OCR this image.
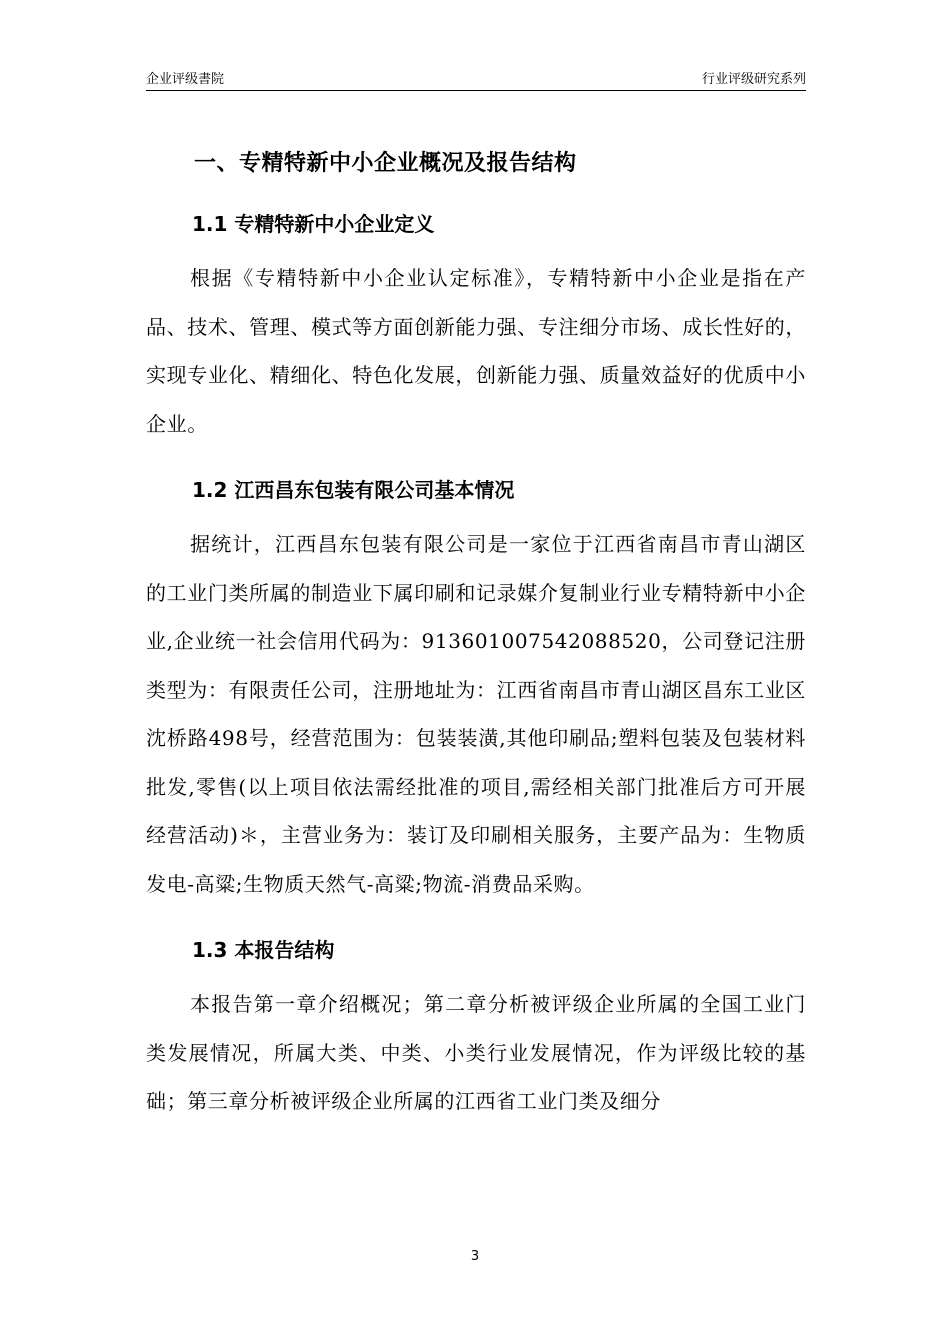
企业评级書院	行业评级研究系列
一、专精特新中小企业概况及报告结构
1.1 专精特新中小企业定义

根据《专精特新中小企业认定标准》，专精特新中小企业是指在产品、技术、管理、模式等方面创新能力强、专注细分市场、成长性好的，实现专业化、精细化、特色化发展，创新能力强、质量效益好的优质中小企业。

1.2 江西昌东包装有限公司基本情况

据统计，江西昌东包装有限公司是一家位于江西省南昌市青山湖区的工业门类所属的制造业下属印刷和记录媒介复制业行业专精特新中小企业,企业统一社会信用代码为：913601007542088520，公司登记注册类型为：有限责任公司，注册地址为：江西省南昌市青山湖区昌东工业区沈桥路498号，经营范围为：包装装潢,其他印刷品;塑料包装及包装材料批发,零售(以上项目依法需经批准的项目,需经相关部门批准后方可开展经营活动)＊，主营业务为：装订及印刷相关服务，主要产品为：生物质发电-高粱;生物质天然气-高粱;物流-消费品采购。

1.3 本报告结构

本报告第一章介绍概况；第二章分析被评级企业所属的全国工业门类发展情况，所属大类、中类、小类行业发展情况，作为评级比较的基础；第三章分析被评级企业所属的江西省工业门类及细分

3
